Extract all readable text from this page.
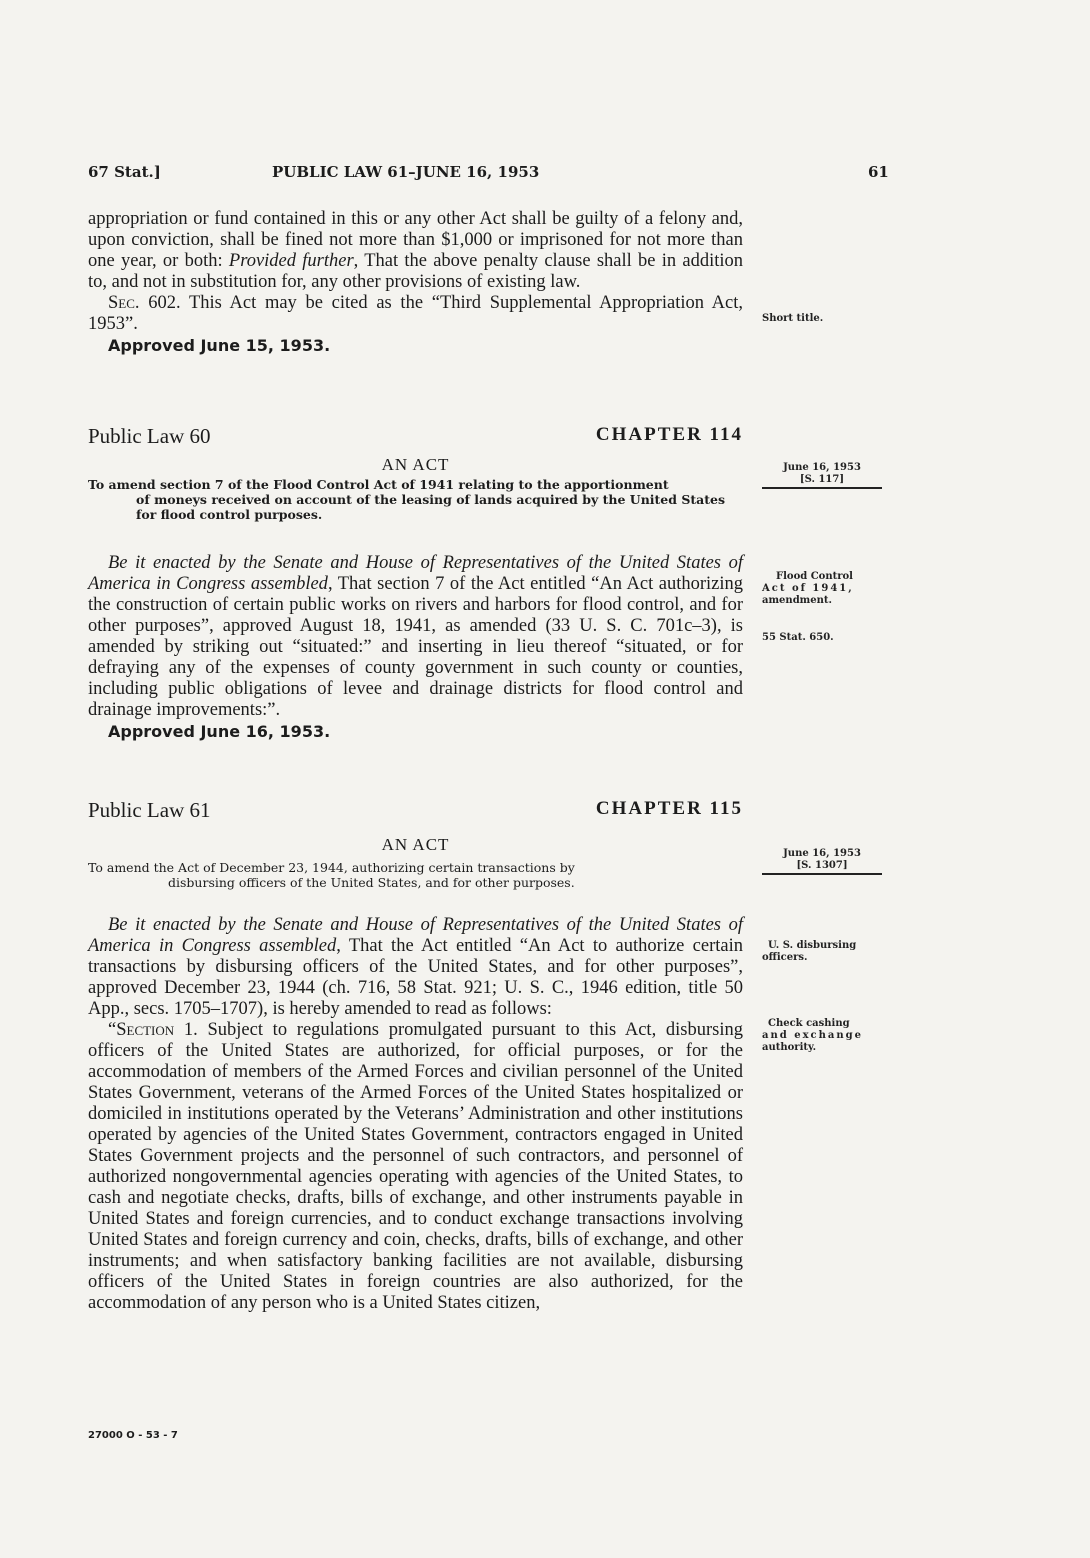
67 Stat.]	PUBLIC LAW 61–JUNE 16, 1953	61

appropriation or fund contained in this or any other Act shall be guilty of a felony and, upon conviction, shall be fined not more than $1,000 or imprisoned for not more than one year, or both: Provided further, That the above penalty clause shall be in addition to, and not in substitution for, any other provisions of existing law.

Sec. 602. This Act may be cited as the “Third Supplemental Appropriation Act, 1953”.

Approved June 15, 1953.

Public Law 60	CHAPTER 114
AN ACT
To amend section 7 of the Flood Control Act of 1941 relating to the apportionment
of moneys received on account of the leasing of lands acquired by the United States for flood control purposes.

Be it enacted by the Senate and House of Representatives of the United States of America in Congress assembled, That section 7 of the Act entitled “An Act authorizing the construction of certain public works on rivers and harbors for flood control, and for other purposes”, approved August 18, 1941, as amended (33 U. S. C. 701c–3), is amended by striking out “situated:” and inserting in lieu thereof “situated, or for defraying any of the expenses of county government in such county or counties, including public obligations of levee and drainage districts for flood control and drainage improvements:”.

Approved June 16, 1953.

Public Law 61	CHAPTER 115
AN ACT
To amend the Act of December 23, 1944, authorizing certain transactions by
disbursing officers of the United States, and for other purposes.

Be it enacted by the Senate and House of Representatives of the United States of America in Congress assembled, That the Act entitled “An Act to authorize certain transactions by disbursing officers of the United States, and for other purposes”, approved December 23, 1944 (ch. 716, 58 Stat. 921; U. S. C., 1946 edition, title 50 App., secs. 1705–1707), is hereby amended to read as follows:

“Section 1. Subject to regulations promulgated pursuant to this Act, disbursing officers of the United States are authorized, for official purposes, or for the accommodation of members of the Armed Forces and civilian personnel of the United States Government, veterans of the Armed Forces of the United States hospitalized or domiciled in institutions operated by the Veterans’ Administration and other institutions operated by agencies of the United States Government, contractors engaged in United States Government projects and the personnel of such contractors, and personnel of authorized nongovernmental agencies operating with agencies of the United States, to cash and negotiate checks, drafts, bills of exchange, and other instruments payable in United States and foreign currencies, and to conduct exchange transactions involving United States and foreign currency and coin, checks, drafts, bills of exchange, and other instruments; and when satisfactory banking facilities are not available, disbursing officers of the United States in foreign countries are also authorized, for the accommodation of any person who is a United States citizen,

Short title.
June 16, 1953
[S. 117]
Flood Control
Act of 1941,
amendment.
55 Stat. 650.
June 16, 1953
[S. 1307]
U. S. disbursing
officers.
Check cashing
and exchange
authority.
27000 O - 53 - 7
